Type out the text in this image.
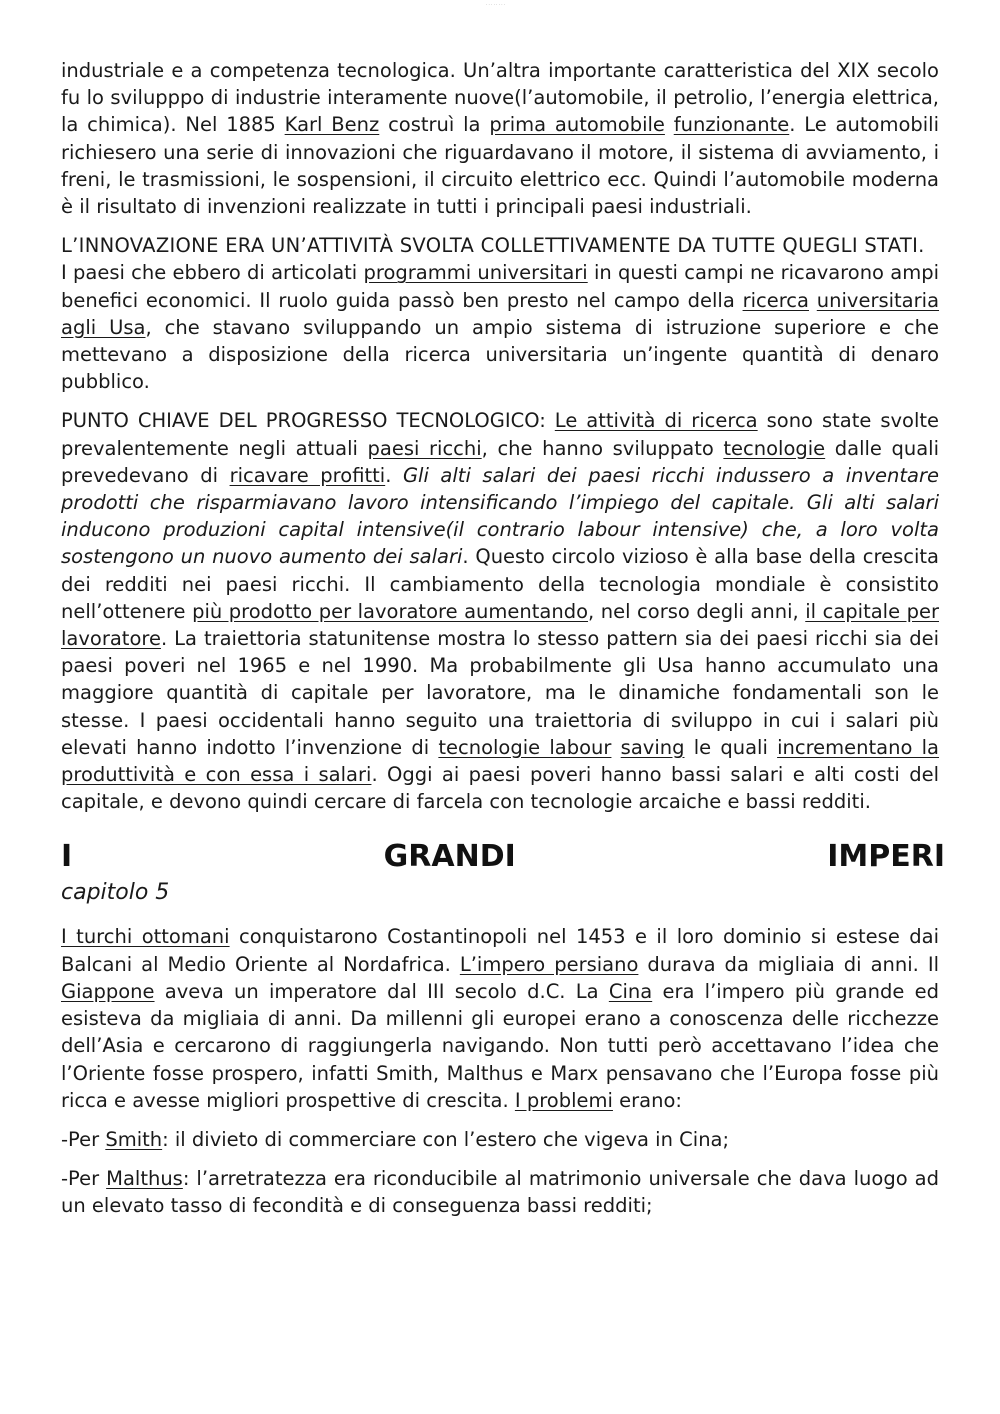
· · · · · · · ·

industriale e a competenza tecnologica. Un’altra importante caratteristica del XIX secolo fu lo svilupppo di industrie interamente nuove(l’automobile, il petrolio, l’energia elettrica, la chimica). Nel 1885 Karl Benz costruì la prima automobile funzionante. Le automobili richiesero una serie di innovazioni che riguardavano il motore, il sistema di avviamento, i freni, le trasmissioni, le sospensioni, il circuito elettrico ecc. Quindi l’automobile moderna è il risultato di invenzioni realizzate in tutti i principali paesi industriali.

L’INNOVAZIONE ERA UN’ATTIVITÀ SVOLTA COLLETTIVAMENTE DA TUTTE QUEGLI STATI.

I paesi che ebbero di articolati programmi universitari in questi campi ne ricavarono ampi benefici economici. Il ruolo guida passò ben presto nel campo della ricerca universitaria agli Usa, che stavano sviluppando un ampio sistema di istruzione superiore e che mettevano a disposizione della ricerca universitaria un’ingente quantità di denaro pubblico.

PUNTO CHIAVE DEL PROGRESSO TECNOLOGICO: Le attività di ricerca sono state svolte prevalentemente negli attuali paesi ricchi, che hanno sviluppato tecnologie dalle quali prevedevano di ricavare profitti. Gli alti salari dei paesi ricchi indussero a inventare prodotti che risparmiavano lavoro intensificando l’impiego del capitale. Gli alti salari inducono produzioni capital intensive(il contrario labour intensive) che, a loro volta sostengono un nuovo aumento dei salari. Questo circolo vizioso è alla base della crescita dei redditi nei paesi ricchi. Il cambiamento della tecnologia mondiale è consistito nell’ottenere più prodotto per lavoratore aumentando, nel corso degli anni, il capitale per lavoratore. La traiettoria statunitense mostra lo stesso pattern sia dei paesi ricchi sia dei paesi poveri nel 1965 e nel 1990. Ma probabilmente gli Usa hanno accumulato una maggiore quantità di capitale per lavoratore, ma le dinamiche fondamentali son le stesse. I paesi occidentali hanno seguito una traiettoria di sviluppo in cui i salari più elevati hanno indotto l’invenzione di tecnologie labour saving le quali incrementano la produttività e con essa i salari. Oggi ai paesi poveri hanno bassi salari e alti costi del capitale, e devono quindi cercare di farcela con tecnologie arcaiche e bassi redditi.

I	GRANDI	IMPERI
capitolo 5

I turchi ottomani conquistarono Costantinopoli nel 1453 e il loro dominio si estese dai Balcani al Medio Oriente al Nordafrica. L’impero persiano durava da migliaia di anni. Il Giappone aveva un imperatore dal III secolo d.C. La Cina era l’impero più grande ed esisteva da migliaia di anni. Da millenni gli europei erano a conoscenza delle ricchezze dell’Asia e cercarono di raggiungerla navigando. Non tutti però accettavano l’idea che l’Oriente fosse prospero, infatti Smith, Malthus e Marx pensavano che l’Europa fosse più ricca e avesse migliori prospettive di crescita. I problemi erano:

-Per Smith: il divieto di commerciare con l’estero che vigeva in Cina;

-Per Malthus: l’arretratezza era riconducibile al matrimonio universale che dava luogo ad un elevato tasso di fecondità e di conseguenza bassi redditi;
